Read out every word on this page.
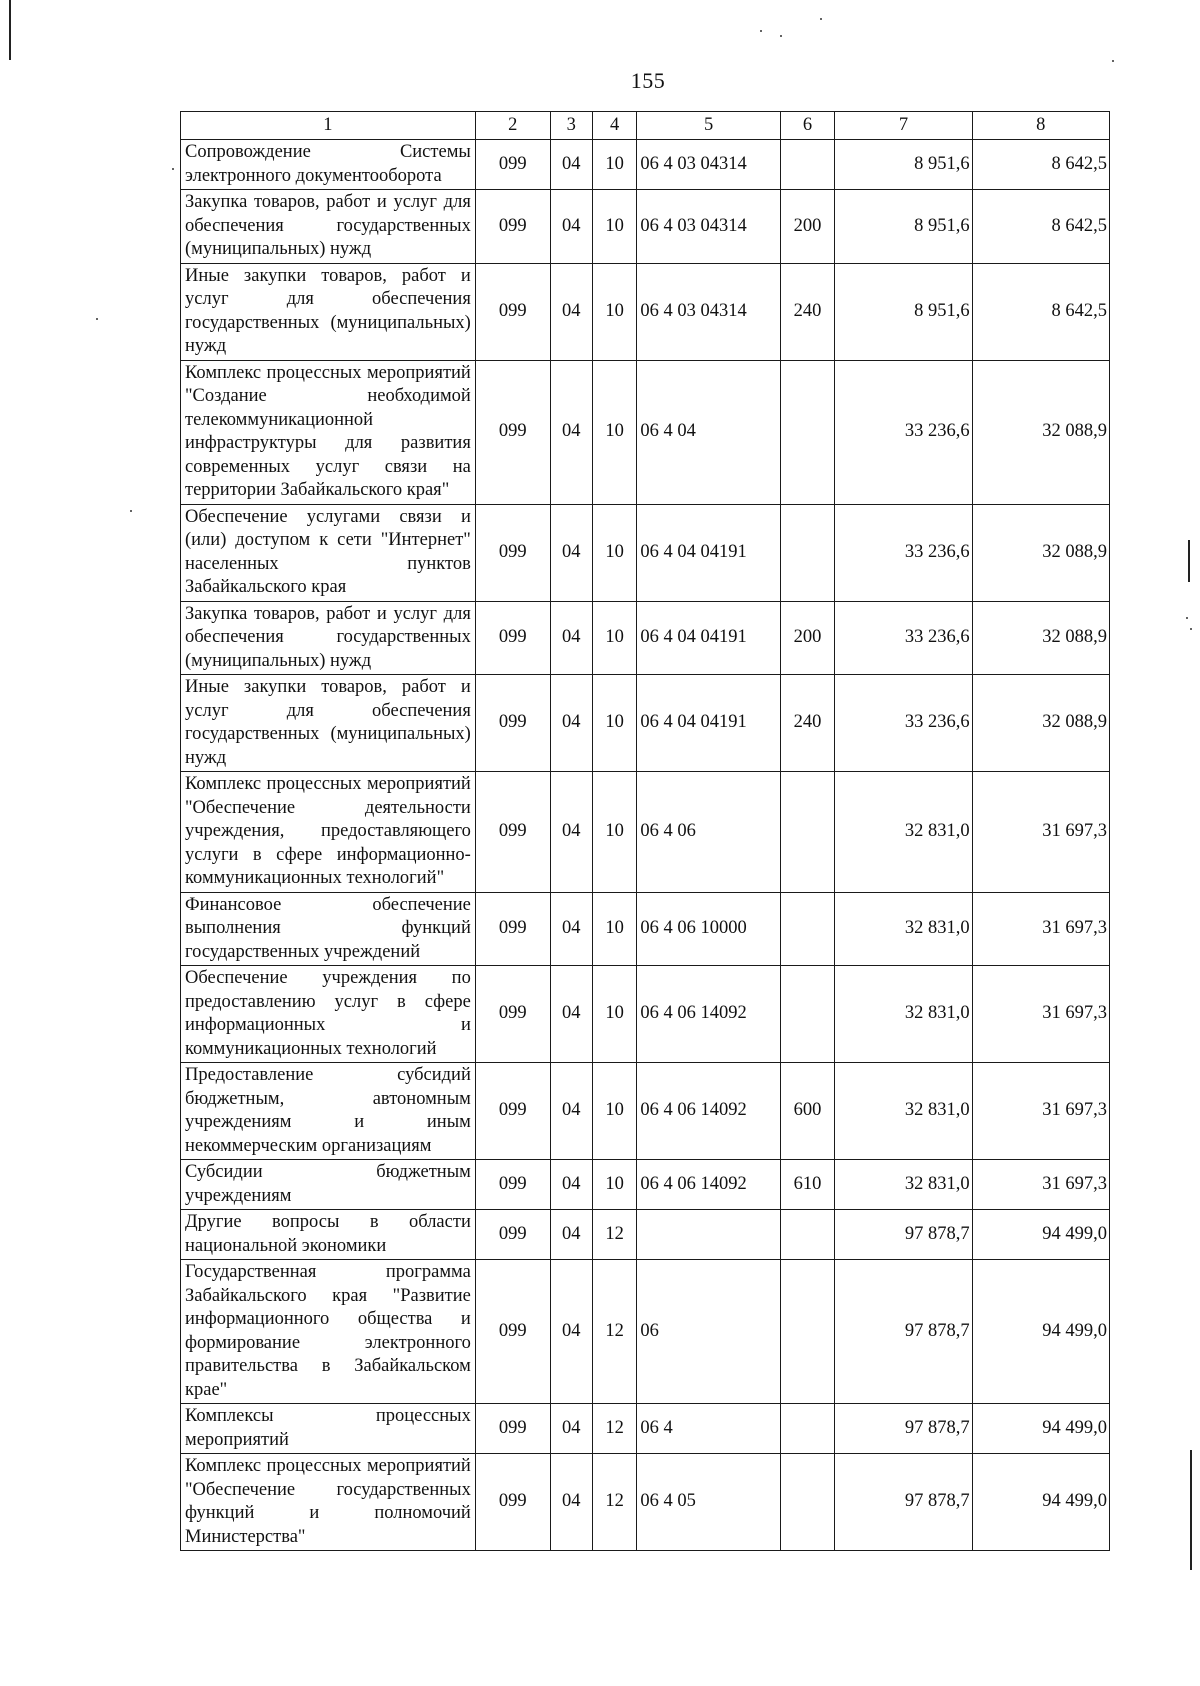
155
1	2	3	4	5	6	7	8
Сопровождение Системы электронного документооборота	099	04	10	06 4 03 04314		8 951,6	8 642,5
Закупка товаров, работ и услуг для обеспечения государственных (муниципальных) нужд	099	04	10	06 4 03 04314	200	8 951,6	8 642,5
Иные закупки товаров, работ и услуг для обеспечения государственных (муниципальных) нужд	099	04	10	06 4 03 04314	240	8 951,6	8 642,5
Комплекс процессных мероприятий "Создание необходимой телекоммуникационной инфраструктуры для развития современных услуг связи на территории Забайкальского края"	099	04	10	06 4 04		33 236,6	32 088,9
Обеспечение услугами связи и (или) доступом к сети "Интернет" населенных пунктов Забайкальского края	099	04	10	06 4 04 04191		33 236,6	32 088,9
Закупка товаров, работ и услуг для обеспечения государственных (муниципальных) нужд	099	04	10	06 4 04 04191	200	33 236,6	32 088,9
Иные закупки товаров, работ и услуг для обеспечения государственных (муниципальных) нужд	099	04	10	06 4 04 04191	240	33 236,6	32 088,9
Комплекс процессных мероприятий "Обеспечение деятельности учреждения, предоставляющего услуги в сфере информационно-коммуникационных технологий"	099	04	10	06 4 06		32 831,0	31 697,3
Финансовое обеспечение выполнения функций государственных учреждений	099	04	10	06 4 06 10000		32 831,0	31 697,3
Обеспечение учреждения по предоставлению услуг в сфере информационных и коммуникационных технологий	099	04	10	06 4 06 14092		32 831,0	31 697,3
Предоставление субсидий бюджетным, автономным учреждениям и иным некоммерческим организациям	099	04	10	06 4 06 14092	600	32 831,0	31 697,3
Субсидии бюджетным учреждениям	099	04	10	06 4 06 14092	610	32 831,0	31 697,3
Другие вопросы в области национальной экономики	099	04	12			97 878,7	94 499,0
Государственная программа Забайкальского края "Развитие информационного общества и формирование электронного правительства в Забайкальском крае"	099	04	12	06		97 878,7	94 499,0
Комплексы процессных мероприятий	099	04	12	06 4		97 878,7	94 499,0
Комплекс процессных мероприятий "Обеспечение государственных функций и полномочий Министерства"	099	04	12	06 4 05		97 878,7	94 499,0
